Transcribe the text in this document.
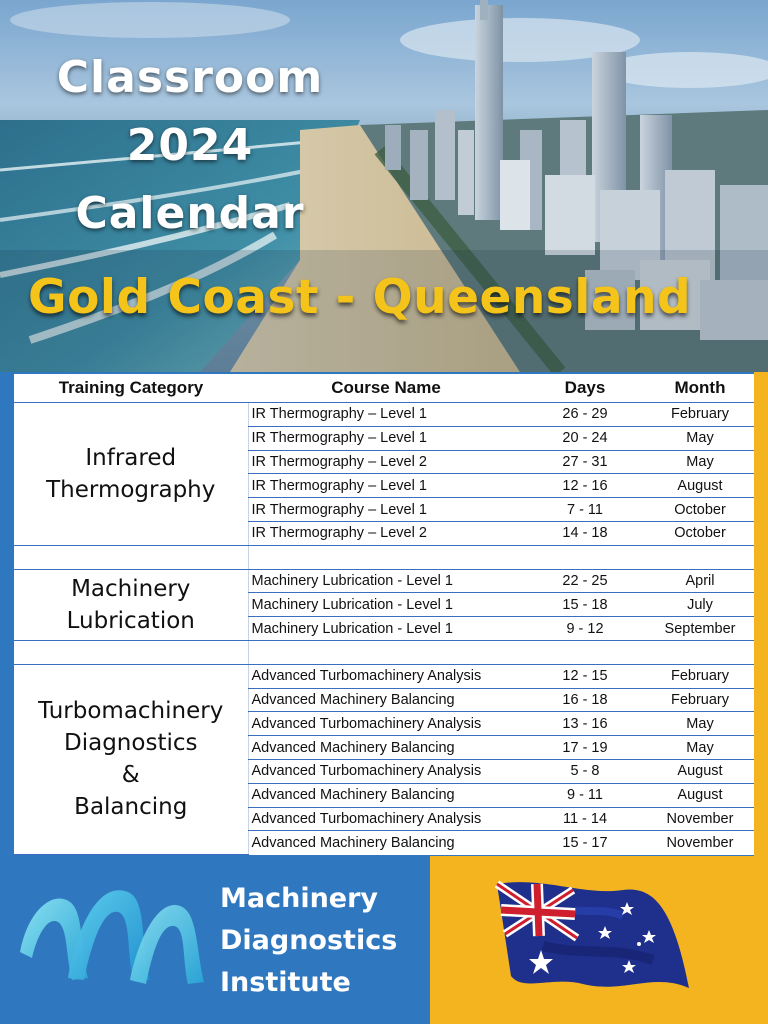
Classroom
2024
Calendar
Gold Coast - Queensland
Training Category	Course Name	Days	Month
Infrared
Thermography	IR Thermography – Level 1	26 - 29	February
	IR Thermography – Level 1	20 - 24	May
	IR Thermography – Level 2	27 - 31	May
	IR Thermography – Level 1	12 - 16	August
	IR Thermography – Level 1	7 - 11	October
	IR Thermography – Level 2	14 - 18	October

Machinery
Lubrication	Machinery Lubrication - Level 1	22 - 25	April
	Machinery Lubrication - Level 1	15 - 18	July
	Machinery Lubrication - Level 1	9 - 12	September

Turbomachinery
Diagnostics
&
Balancing	Advanced Turbomachinery Analysis	12 - 15	February
	Advanced Machinery Balancing	16 - 18	February
	Advanced Turbomachinery Analysis	13 - 16	May
	Advanced Machinery Balancing	17 - 19	May
	Advanced Turbomachinery Analysis	5 - 8	August
	Advanced Machinery Balancing	9 - 11	August
	Advanced Turbomachinery Analysis	11 - 14	November
	Advanced Machinery Balancing	15 - 17	November
Machinery
Diagnostics
Institute
